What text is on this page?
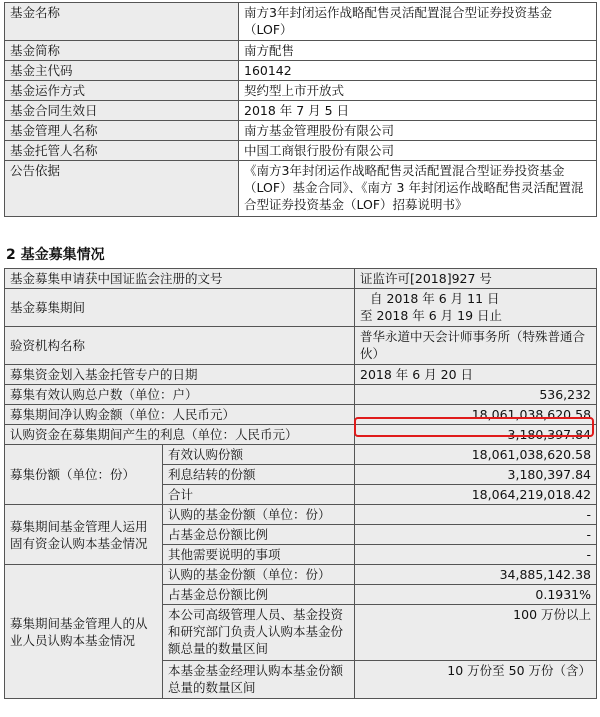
基金名称	南方3年封闭运作战略配售灵活配置混合型证券投资基金（LOF）
基金简称	南方配售
基金主代码	160142
基金运作方式	契约型上市开放式
基金合同生效日	2018 年 7 月 5 日
基金管理人名称	南方基金管理股份有限公司
基金托管人名称	中国工商银行股份有限公司
公告依据	《南方3年封闭运作战略配售灵活配置混合型证券投资基金（LOF）基金合同》、《南方 3 年封闭运作战略配售灵活配置混合型证券投资基金（LOF）招募说明书》
2 基金募集情况
基金募集申请获中国证监会注册的文号		证监许可[2018]927 号
基金募集期间		自 2018 年 6 月 11 日
至 2018 年 6 月 19 日止

验资机构名称		普华永道中天会计师事务所（特殊普通合伙）
募集资金划入基金托管专户的日期		2018 年 6 月 20 日
募集有效认购总户数（单位：户）		536,232
募集期间净认购金额（单位：人民币元）		18,061,038,620.58
认购资金在募集期间产生的利息（单位：人民币元）		3,180,397.84
募集份额（单位：份）	有效认购份额	18,061,038,620.58
	利息结转的份额	3,180,397.84
	合计	18,064,219,018.42
募集期间基金管理人运用固有资金认购本基金情况	认购的基金份额（单位：份）	-
	占基金总份额比例	-
	其他需要说明的事项	-
募集期间基金管理人的从业人员认购本基金情况	认购的基金份额（单位：份）	34,885,142.38
	占基金总份额比例	0.1931%
	本公司高级管理人员、基金投资和研究部门负责人认购本基金份额总量的数量区间	100 万份以上
	本基金基金经理认购本基金份额总量的数量区间	10 万份至 50 万份（含）
